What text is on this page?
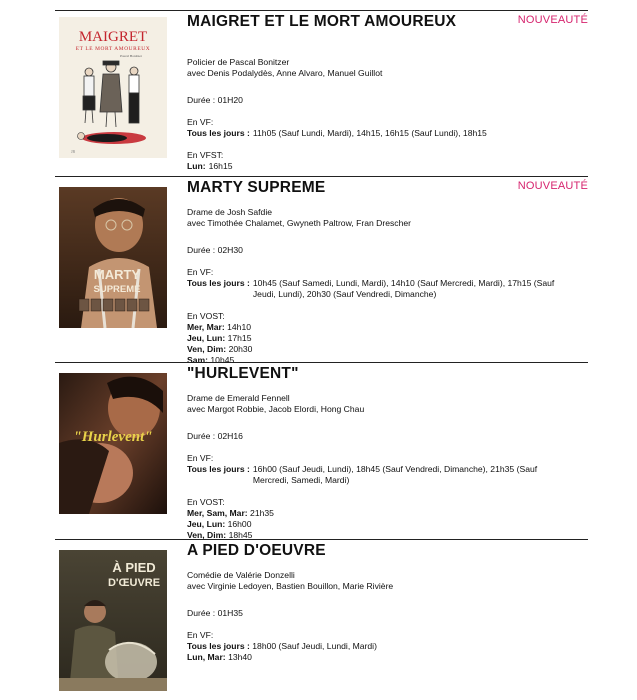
MAIGRET
ET LE MORT AMOUREUX
Pascal Bonitzer
JB
MAIGRET ET LE MORT AMOUREUX	NOUVEAUTÉ
Policier de Pascal Bonitzer
avec Denis Podalydès, Anne Alvaro, Manuel Guillot
Durée : 01H20
En VF:
Tous les jours : 11h05 (Sauf Lundi, Mardi), 14h15, 16h15 (Sauf Lundi), 18h15
En VFST:
Lun: 16h15
MARTY
SUPREME
MARTY SUPREME	NOUVEAUTÉ
Drame de Josh Safdie
avec Timothée Chalamet, Gwyneth Paltrow, Fran Drescher
Durée : 02H30
En VF:
Tous les jours : 10h45 (Sauf Samedi, Lundi, Mardi), 14h10 (Sauf Mercredi, Mardi), 17h15 (Sauf Jeudi, Lundi), 20h30 (Sauf Vendredi, Dimanche)
En VOST:
Mer, Mar: 14h10
Jeu, Lun: 17h15
Ven, Dim: 20h30
Sam: 10h45
"Hurlevent"
"HURLEVENT"
Drame de Emerald Fennell
avec Margot Robbie, Jacob Elordi, Hong Chau
Durée : 02H16
En VF:
Tous les jours : 16h00 (Sauf Jeudi, Lundi), 18h45 (Sauf Vendredi, Dimanche), 21h35 (Sauf Mercredi, Samedi, Mardi)
En VOST:
Mer, Sam, Mar: 21h35
Jeu, Lun: 16h00
Ven, Dim: 18h45
À PIED
D'ŒUVRE
A PIED D'OEUVRE
Comédie de Valérie Donzelli
avec Virginie Ledoyen, Bastien Bouillon, Marie Rivière
Durée : 01H35
En VF:
Tous les jours : 18h00 (Sauf Jeudi, Lundi, Mardi)
Lun, Mar: 13h40
